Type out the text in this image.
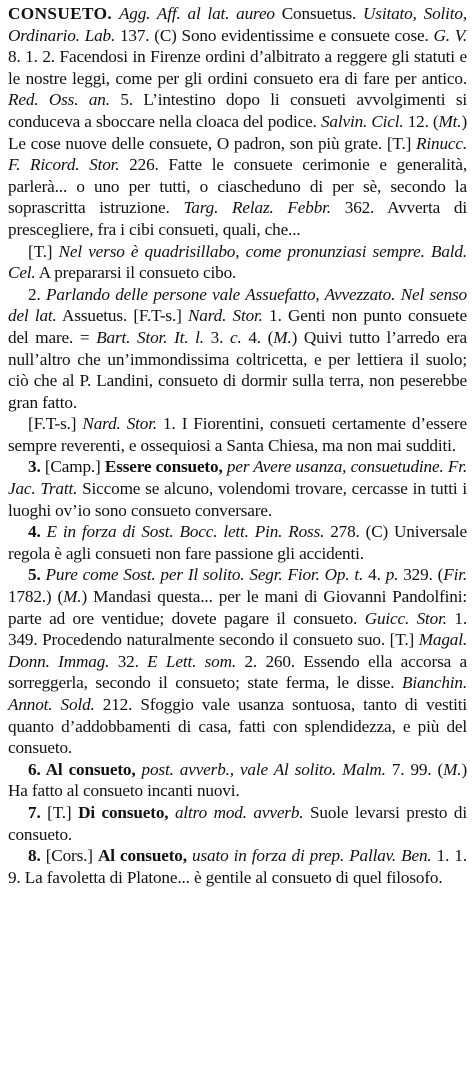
CONSUETO. Agg. Aff. al lat. aureo Consuetus. Usitato, Solito, Ordinario. Lab. 137. (C) Sono evidentissime e consuete cose. G. V. 8. 1. 2. Facendosi in Firenze ordini d’albitrato a reggere gli statuti e le nostre leggi, come per gli ordini consueto era di fare per antico. Red. Oss. an. 5. L’intestino dopo li consueti avvolgimenti si conduceva a sboccare nella cloaca del podice. Salvin. Cicl. 12. (Mt.) Le cose nuove delle consuete, O padron, son più grate. [T.] Rinucc. F. Ricord. Stor. 226. Fatte le consuete cerimonie e generalità, parlerà... o uno per tutti, o ciascheduno di per sè, secondo la soprascritta istruzione. Targ. Relaz. Febbr. 362. Avverta di prescegliere, fra i cibi consueti, quali, che...

[T.] Nel verso è quadrisillabo, come pronunziasi sempre. Bald. Cel. A prepararsi il consueto cibo.

2. Parlando delle persone vale Assuefatto, Avvezzato. Nel senso del lat. Assuetus. [F.T-s.] Nard. Stor. 1. Genti non punto consuete del mare. = Bart. Stor. It. l. 3. c. 4. (M.) Quivi tutto l’arredo era null’altro che un’immondissima coltricetta, e per lettiera il suolo; ciò che al P. Landini, consueto di dormir sulla terra, non peserebbe gran fatto.

[F.T-s.] Nard. Stor. 1. I Fiorentini, consueti certamente d’essere sempre reverenti, e ossequiosi a Santa Chiesa, ma non mai sudditi.

3. [Camp.] Essere consueto, per Avere usanza, consuetudine. Fr. Jac. Tratt. Siccome se alcuno, volendomi trovare, cercasse in tutti i luoghi ov’io sono consueto conversare.

4. E in forza di Sost. Bocc. lett. Pin. Ross. 278. (C) Universale regola è agli consueti non fare passione gli accidenti.

5. Pure come Sost. per Il solito. Segr. Fior. Op. t. 4. p. 329. (Fir. 1782.) (M.) Mandasi questa... per le mani di Giovanni Pandolfini: parte ad ore ventidue; dovete pagare il consueto. Guicc. Stor. 1. 349. Procedendo naturalmente secondo il consueto suo. [T.] Magal. Donn. Immag. 32. E Lett. som. 2. 260. Essendo ella accorsa a sorreggerla, secondo il consueto; state ferma, le disse. Bianchin. Annot. Sold. 212. Sfoggio vale usanza sontuosa, tanto di vestiti quanto d’addobbamenti di casa, fatti con splendidezza, e più del consueto.

6. Al consueto, post. avverb., vale Al solito. Malm. 7. 99. (M.) Ha fatto al consueto incanti nuovi.

7. [T.] Di consueto, altro mod. avverb. Suole levarsi presto di consueto.

8. [Cors.] Al consueto, usato in forza di prep. Pallav. Ben. 1. 1. 9. La favoletta di Platone... è gentile al consueto di quel filosofo.
